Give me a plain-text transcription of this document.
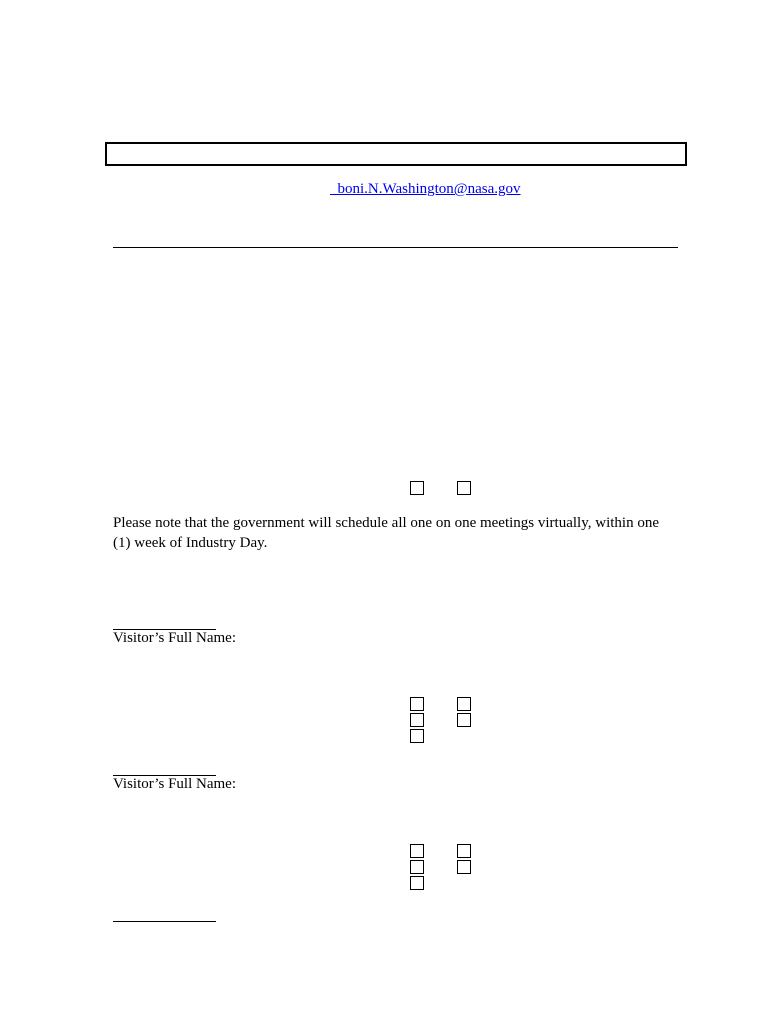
boni.N.Washington@nasa.gov
Please note that the government will schedule all one on one meetings virtually, within one (1) week of Industry Day.
Visitor’s Full Name:
Visitor’s Full Name:
